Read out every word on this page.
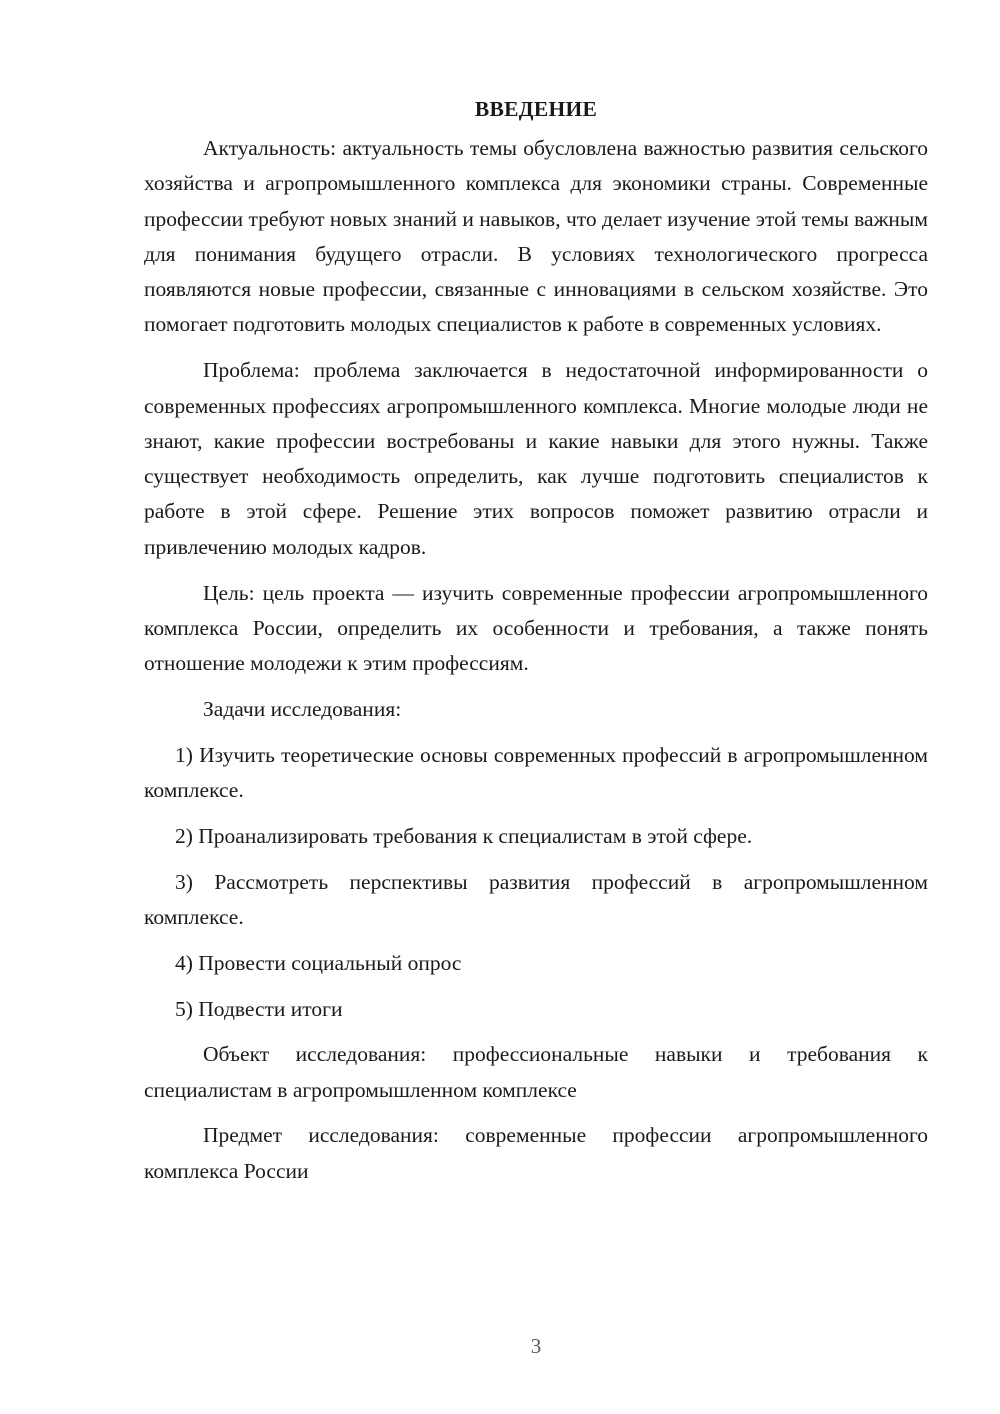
ВВЕДЕНИЕ

Актуальность: актуальность темы обусловлена важностью развития сельского хозяйства и агропромышленного комплекса для экономики страны. Современные профессии требуют новых знаний и навыков, что делает изучение этой темы важным для понимания будущего отрасли. В условиях технологического прогресса появляются новые профессии, связанные с инновациями в сельском хозяйстве. Это помогает подготовить молодых специалистов к работе в современных условиях.

Проблема: проблема заключается в недостаточной информированности о современных профессиях агропромышленного комплекса. Многие молодые люди не знают, какие профессии востребованы и какие навыки для этого нужны. Также существует необходимость определить, как лучше подготовить специалистов к работе в этой сфере. Решение этих вопросов поможет развитию отрасли и привлечению молодых кадров.

Цель: цель проекта — изучить современные профессии агропромышленного комплекса России, определить их особенности и требования, а также понять отношение молодежи к этим профессиям.

Задачи исследования:

1) Изучить теоретические основы современных профессий в агропромышленном комплексе.

2) Проанализировать требования к специалистам в этой сфере.

3) Рассмотреть перспективы развития профессий в агропромышленном комплексе.

4) Провести социальный опрос

5) Подвести итоги

Объект исследования: профессиональные навыки и требования к специалистам в агропромышленном комплексе

Предмет исследования: современные профессии агропромышленного комплекса России

3
